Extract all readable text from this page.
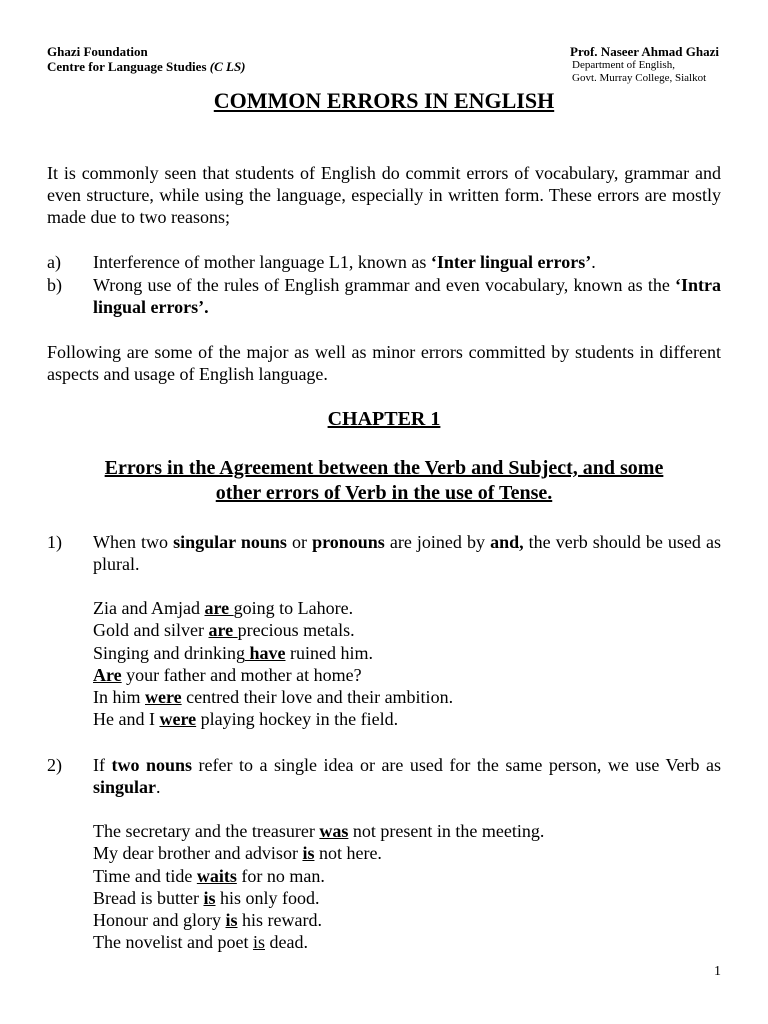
Ghazi Foundation
Centre for Language Studies (C LS)
Prof. Naseer Ahmad Ghazi
Department of English,
Govt. Murray College, Sialkot
COMMON ERRORS IN ENGLISH
It is commonly seen that students of English do commit errors of vocabulary, grammar and even structure, while using the language, especially in written form. These errors are mostly made due to two reasons;
a) Interference of mother language L1, known as ‘Inter lingual errors’.
b) Wrong use of the rules of English grammar and even vocabulary, known as the ‘Intra lingual errors’.
Following are some of the major as well as minor errors committed by students in different aspects and usage of English language.
CHAPTER 1
Errors in the Agreement between the Verb and Subject, and some
other errors of Verb in the use of Tense.
1) When two singular nouns or pronouns are joined by and, the verb should be used as plural.
Zia and Amjad are going to Lahore.
Gold and silver are precious metals.
Singing and drinking have ruined him.
Are your father and mother at home?
In him were centred their love and their ambition.
He and I were playing hockey in the field.
2) If two nouns refer to a single idea or are used for the same person, we use Verb as singular.
The secretary and the treasurer was not present in the meeting.
My dear brother and advisor is not here.
Time and tide waits for no man.
Bread is butter is his only food.
Honour and glory is his reward.
The novelist and poet is dead.
1
